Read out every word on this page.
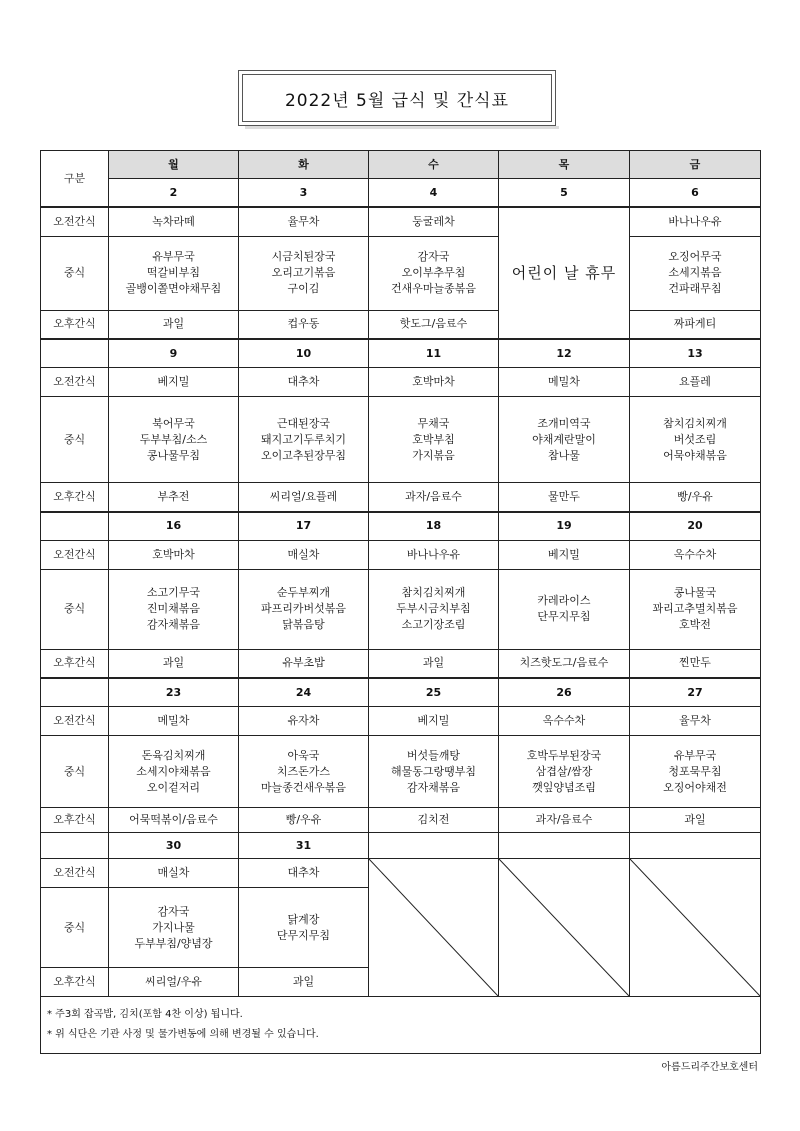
2022년 5월 급식 및 간식표
구분	월	화	수	목	금
	2	3	4	5	6
오전간식	녹차라떼	율무차	둥굴레차	어린이 날 휴무	바나나우유
중식	유부무국
떡갈비부침
골뱅이쫄면야채무침	시금치된장국
오리고기볶음
구이김	감자국
오이부추무침
건새우마늘종볶음		오징어무국
소세지볶음
건파래무침

오후간식	과일	컵우동	핫도그/음료수		짜파게티
	9	10	11	12	13
오전간식	베지밀	대추차	호박마차	메밀차	요플레
중식	북어무국
두부부침/소스
콩나물무침	근대된장국
돼지고기두루치기
오이고추된장무침	무채국
호박부침
가지볶음	조개미역국
야채계란말이
참나물	참치김치찌개
버섯조림
어묵야채볶음

오후간식	부추전	씨리얼/요플레	과자/음료수	물만두	빵/우유
	16	17	18	19	20
오전간식	호박마차	매실차	바나나우유	베지밀	옥수수차
중식	소고기무국
진미채볶음
감자채볶음	순두부찌개
파프리카버섯볶음
닭볶음탕	참치김치찌개
두부시금치부침
소고기장조림	카레라이스
단무지무침	콩나물국
꽈리고추멸치볶음
호박전

오후간식	과일	유부초밥	과일	치즈핫도그/음료수	찐만두
	23	24	25	26	27
오전간식	메밀차	유자차	베지밀	옥수수차	율무차
중식	돈육김치찌개
소세지야채볶음
오이겉저리	아욱국
치즈돈가스
마늘종건새우볶음	버섯들깨탕
해물동그랑땡부침
감자채볶음	호박두부된장국
삼겹살/쌈장
깻잎양념조림	유부무국
청포묵무침
오징어야채전

오후간식	어묵떡볶이/음료수	빵/우유	김치전	과자/음료수	과일
	30	31			
오전간식	매실차	대추차	

중식	감자국
가지나물
두부부침/양념장	닭계장
단무지무침			

오후간식	씨리얼/우유	과일			

* 주3회 잡곡밥, 김치(포함 4찬 이상) 됩니다.
* 위 식단은 기관 사정 및 물가변동에 의해 변경될 수 있습니다.					
아름드리주간보호센터
